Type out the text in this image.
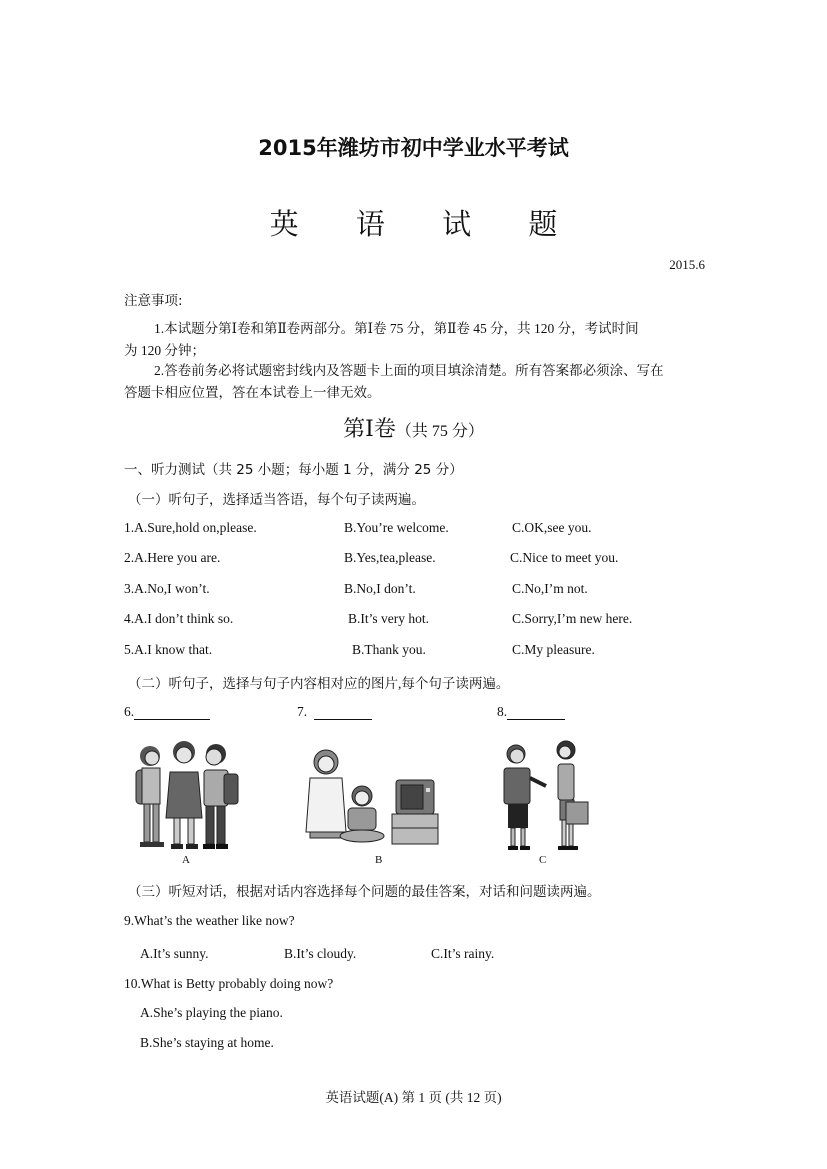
2015年潍坊市初中学业水平考试
英 语 试 题
2015.6
注意事项:
1.本试题分第Ⅰ卷和第Ⅱ卷两部分。第Ⅰ卷 75 分，第Ⅱ卷 45 分，共 120 分，考试时间
为 120 分钟；
2.答卷前务必将试题密封线内及答题卡上面的项目填涂清楚。所有答案都必须涂、写在
答题卡相应位置，答在本试卷上一律无效。
第Ⅰ卷（共 75 分）
一、听力测试（共 25 小题；每小题 1 分，满分 25 分）
（一）听句子，选择适当答语，每个句子读两遍。
1.A.Sure,hold on,please.	B.You’re welcome.	C.OK,see you.
2.A.Here you are.	B.Yes,tea,please.	C.Nice to meet you.
3.A.No,I won’t.	B.No,I don’t.	C.No,I’m not.
4.A.I don’t think so.	B.It’s very hot.	C.Sorry,I’m new here.
5.A.I know that.	B.Thank you.	C.My pleasure.
（二）听句子，选择与句子内容相对应的图片,每个句子读两遍。
6.	7.	8.
A	B	C
（三）听短对话，根据对话内容选择每个问题的最佳答案，对话和问题读两遍。
9.What’s the weather like now?
A.It’s sunny.	B.It’s cloudy.	C.It’s rainy.
10.What is Betty probably doing now?
A.She’s playing the piano.
B.She’s staying at home.
英语试题(A) 第 1 页 (共 12 页)
